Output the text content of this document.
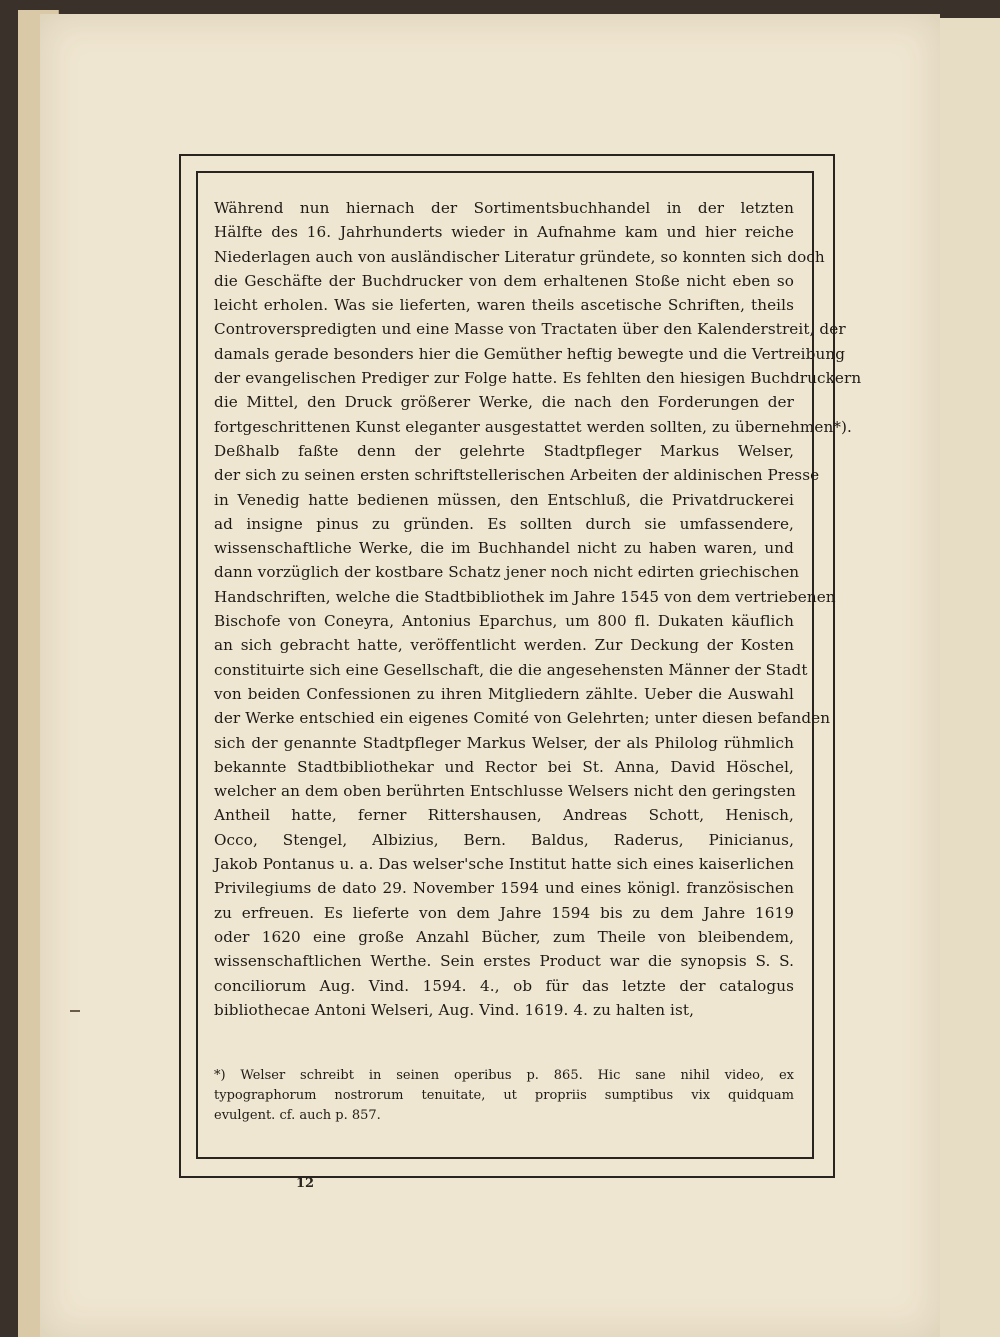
Während nun hiernach der Sortimentsbuchhandel in der letzten
Hälfte des 16. Jahrhunderts wieder in Aufnahme kam und hier reiche
Niederlagen auch von ausländischer Literatur gründete, so konnten sich doch
die Geschäfte der Buchdrucker von dem erhaltenen Stoße nicht eben so
leicht erholen. Was sie lieferten, waren theils ascetische Schriften, theils
Controverspredigten und eine Masse von Tractaten über den Kalenderstreit, der
damals gerade besonders hier die Gemüther heftig bewegte und die Vertreibung
der evangelischen Prediger zur Folge hatte. Es fehlten den hiesigen Buchdruckern
die Mittel, den Druck größerer Werke, die nach den Forderungen der
fortgeschrittenen Kunst eleganter ausgestattet werden sollten, zu übernehmen*).
Deßhalb faßte denn der gelehrte Stadtpfleger Markus Welser,
der sich zu seinen ersten schriftstellerischen Arbeiten der aldinischen Presse
in Venedig hatte bedienen müssen, den Entschluß, die Privatdruckerei
ad insigne pinus zu gründen. Es sollten durch sie umfassendere,
wissenschaftliche Werke, die im Buchhandel nicht zu haben waren, und
dann vorzüglich der kostbare Schatz jener noch nicht edirten griechischen
Handschriften, welche die Stadtbibliothek im Jahre 1545 von dem vertriebenen
Bischofe von Coneyra, Antonius Eparchus, um 800 fl. Dukaten käuflich
an sich gebracht hatte, veröffentlicht werden. Zur Deckung der Kosten
constituirte sich eine Gesellschaft, die die angesehensten Männer der Stadt
von beiden Confessionen zu ihren Mitgliedern zählte. Ueber die Auswahl
der Werke entschied ein eigenes Comité von Gelehrten; unter diesen befanden
sich der genannte Stadtpfleger Markus Welser, der als Philolog rühmlich
bekannte Stadtbibliothekar und Rector bei St. Anna, David Höschel,
welcher an dem oben berührten Entschlusse Welsers nicht den geringsten
Antheil hatte, ferner Rittershausen, Andreas Schott, Henisch,
Occo, Stengel, Albizius, Bern. Baldus, Raderus, Pinicianus,
Jakob Pontanus u. a. Das welser'sche Institut hatte sich eines kaiserlichen
Privilegiums de dato 29. November 1594 und eines königl. französischen
zu erfreuen. Es lieferte von dem Jahre 1594 bis zu dem Jahre 1619
oder 1620 eine große Anzahl Bücher, zum Theile von bleibendem,
wissenschaftlichen Werthe. Sein erstes Product war die synopsis S. S.
conciliorum Aug. Vind. 1594. 4., ob für das letzte der catalogus
bibliothecae Antoni Welseri, Aug. Vind. 1619. 4. zu halten ist,
*) Welser schreibt in seinen operibus p. 865. Hic sane nihil video, ex
typographorum nostrorum tenuitate, ut propriis sumptibus vix quidquam
evulgent. cf. auch p. 857.
12
